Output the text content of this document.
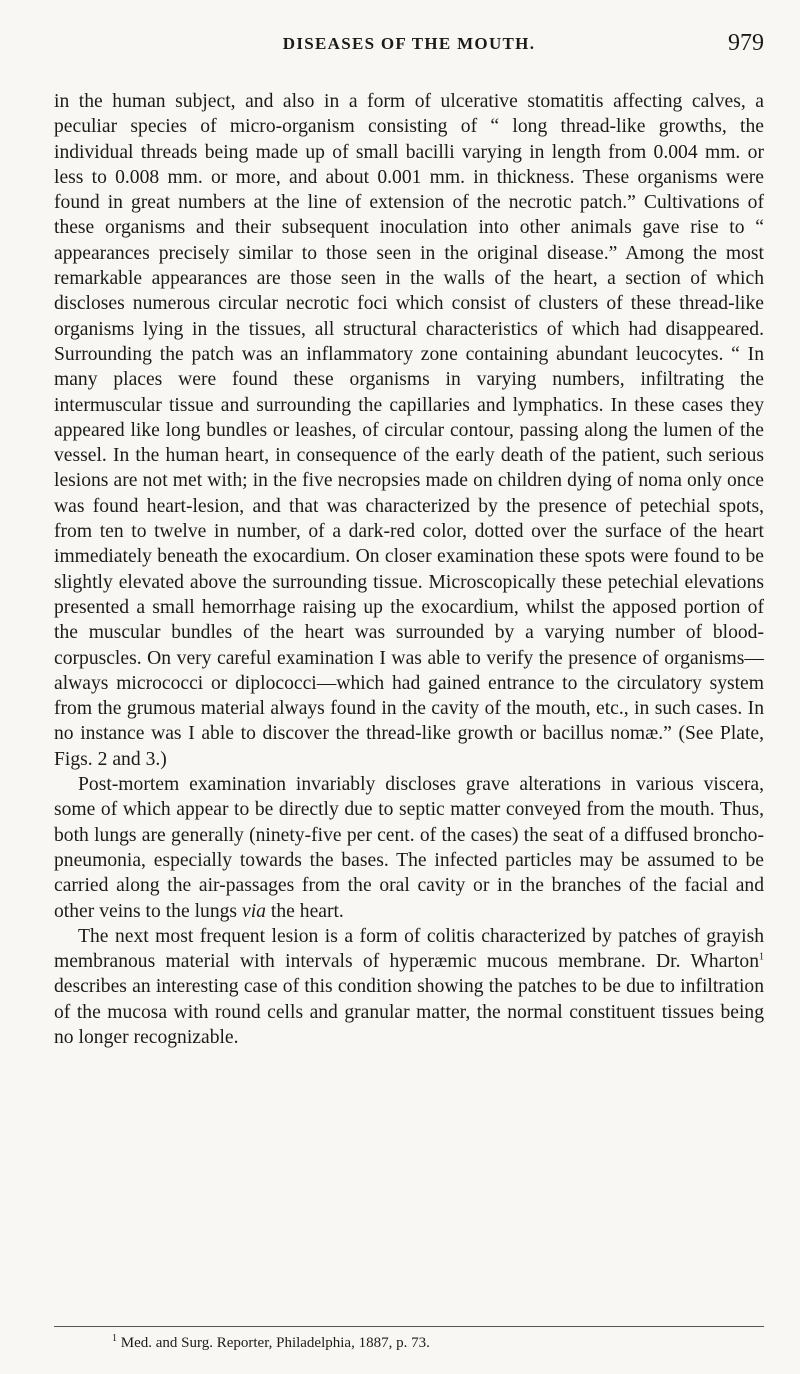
DISEASES OF THE MOUTH.	979

in the human subject, and also in a form of ulcerative stomatitis affecting calves, a peculiar species of micro-organism consisting of “ long thread-like growths, the individual threads being made up of small bacilli varying in length from 0.004 mm. or less to 0.008 mm. or more, and about 0.001 mm. in thickness. These organisms were found in great numbers at the line of extension of the necrotic patch.” Cultivations of these organisms and their subsequent inoculation into other animals gave rise to “ appearances precisely similar to those seen in the original disease.” Among the most remarkable appearances are those seen in the walls of the heart, a section of which discloses numerous circular necrotic foci which consist of clusters of these thread-like organisms lying in the tissues, all structural characteristics of which had disappeared. Surrounding the patch was an inflammatory zone containing abundant leucocytes. “ In many places were found these organisms in varying numbers, infiltrating the intermuscular tissue and surrounding the capillaries and lymphatics. In these cases they appeared like long bundles or leashes, of circular contour, passing along the lumen of the vessel. In the human heart, in consequence of the early death of the patient, such serious lesions are not met with; in the five necropsies made on children dying of noma only once was found heart-lesion, and that was characterized by the presence of petechial spots, from ten to twelve in number, of a dark-red color, dotted over the surface of the heart immediately beneath the exocardium. On closer examination these spots were found to be slightly elevated above the surrounding tissue. Microscopically these petechial elevations presented a small hemorrhage raising up the exocardium, whilst the apposed portion of the muscular bundles of the heart was surrounded by a varying number of blood-corpuscles. On very careful examination I was able to verify the presence of organisms—always micrococci or diplococci—which had gained entrance to the circulatory system from the grumous material always found in the cavity of the mouth, etc., in such cases. In no instance was I able to discover the thread-like growth or bacillus nomæ.” (See Plate, Figs. 2 and 3.)

Post-mortem examination invariably discloses grave alterations in various viscera, some of which appear to be directly due to septic matter conveyed from the mouth. Thus, both lungs are generally (ninety-five per cent. of the cases) the seat of a diffused broncho-pneumonia, especially towards the bases. The infected particles may be assumed to be carried along the air-passages from the oral cavity or in the branches of the facial and other veins to the lungs via the heart.

The next most frequent lesion is a form of colitis characterized by patches of grayish membranous material with intervals of hyperæmic mucous membrane. Dr. Wharton$^1$ describes an interesting case of this condition showing the patches to be due to infiltration of the mucosa with round cells and granular matter, the normal constituent tissues being no longer recognizable.

$^1$ Med. and Surg. Reporter, Philadelphia, 1887, p. 73.
